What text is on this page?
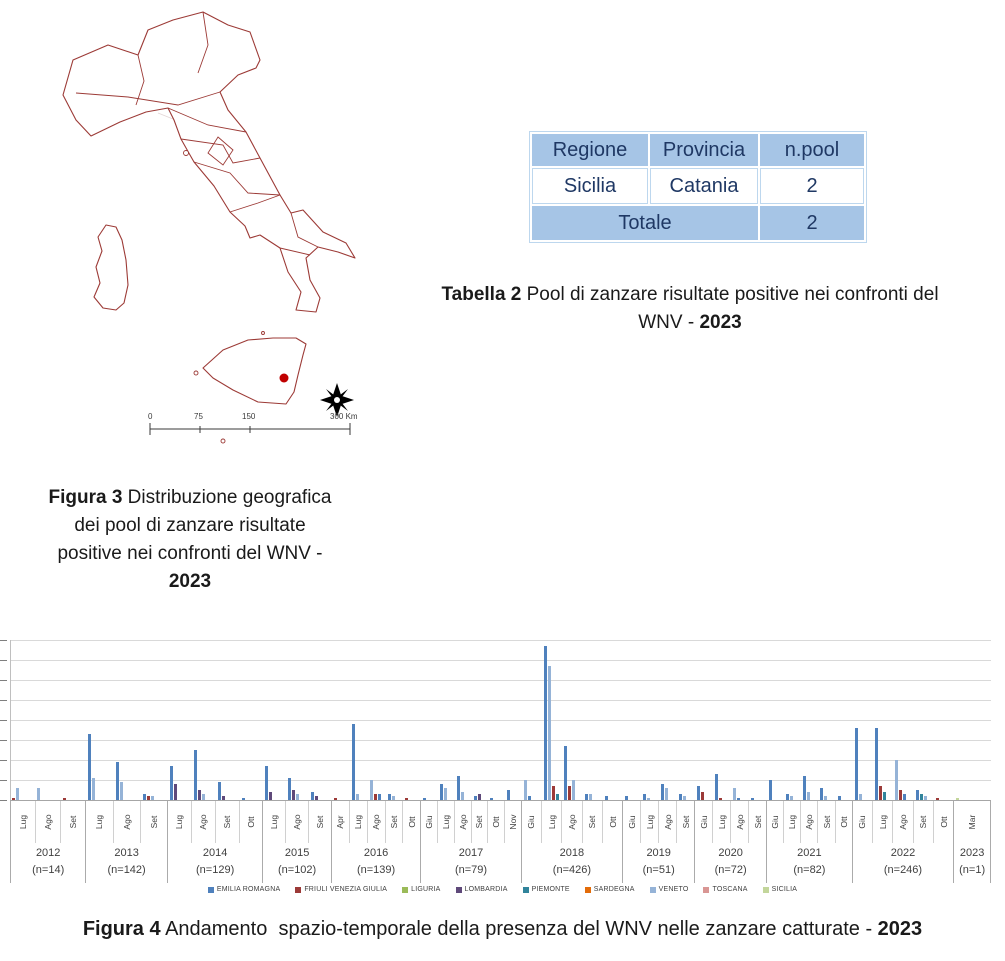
0	75	150	300 Km
Regione	Provincia	n.pool
Sicilia	Catania	2
Totale		2
Tabella 2 Pool di zanzare risultate positive nei confronti del WNV - 2023
Figura 3 Distribuzione geografica dei pool di zanzare risultate positive nei confronti del WNV - 2023
Lug Ago Set
2012
(n=14)
Lug Ago Set
2013
(n=142)
Lug Ago Set Ott
2014
(n=129)
Lug Ago Set
2015
(n=102)
Apr Lug Ago Set Ott
2016
(n=139)
Giu Lug Ago Set Ott Nov
2017
(n=79)
Giu Lug Ago Set Ott
2018
(n=426)
Giu Lug Ago Set
2019
(n=51)
Giu Lug Ago Set
2020
(n=72)
Giu Lug Ago Set Ott
2021
(n=82)
Giu Lug Ago Set Ott
2022
(n=246)
Mar
2023
(n=1)
EMILIA ROMAGNA	FRIULI VENEZIA GIULIA	LIGURIA	LOMBARDIA	PIEMONTE	SARDEGNA	VENETO	TOSCANA	SICILIA
Figura 4 Andamento  spazio-temporale della presenza del WNV nelle zanzare catturate - 2023
